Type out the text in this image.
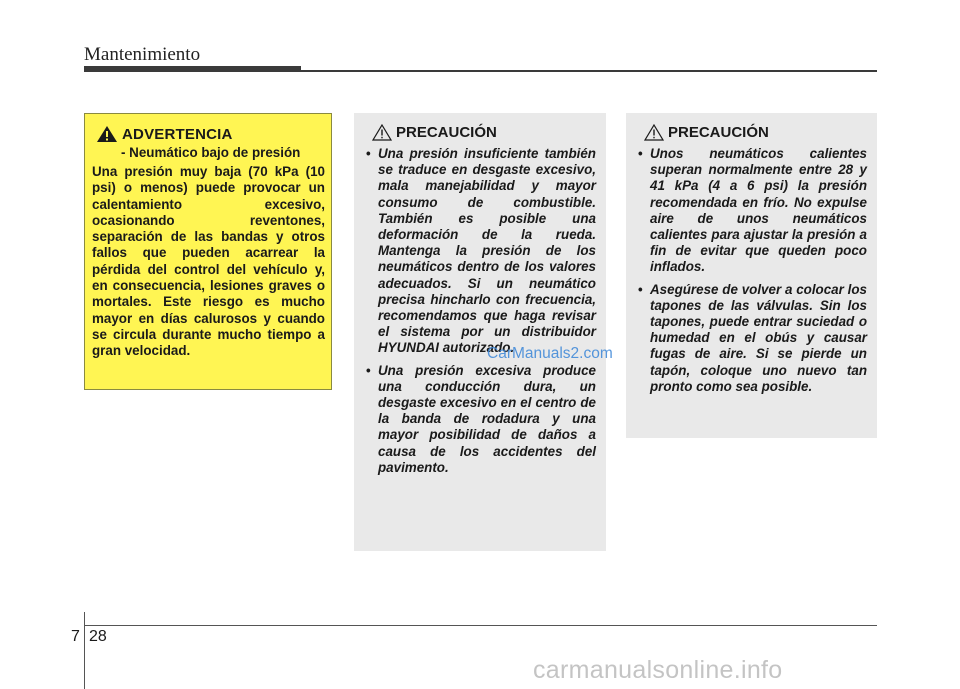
Mantenimiento
ADVERTENCIA
- Neumático bajo de presión
Una presión muy baja (70 kPa (10 psi) o menos) puede provocar un calentamiento excesivo, ocasionando reventones, separación de las bandas y otros fallos que pueden acarrear la pérdida del control del vehículo y, en consecuencia, lesiones graves o mortales. Este riesgo es mucho mayor en días calurosos y cuando se circula durante mucho tiempo a gran velocidad.
PRECAUCIÓN
• Una presión insuficiente también se traduce en desgaste excesivo, mala manejabilidad y mayor consumo de combustible. También es posible una deformación de la rueda. Mantenga la presión de los neumáticos dentro de los valores adecuados. Si un neumático precisa hincharlo con frecuencia, recomendamos que haga revisar el sistema por un distribuidor HYUNDAI autorizado.
• Una presión excesiva produce una conducción dura, un desgaste excesivo en el centro de la banda de rodadura y una mayor posibilidad de daños a causa de los accidentes del pavimento.
PRECAUCIÓN
• Unos neumáticos calientes superan normalmente entre 28 y 41 kPa (4 a 6 psi) la presión recomendada en frío. No expulse aire de unos neumáticos calientes para ajustar la presión a fin de evitar que queden poco inflados.
• Asegúrese de volver a colocar los tapones de las válvulas. Sin los tapones, puede entrar suciedad o humedad en el obús y causar fugas de aire. Si se pierde un tapón, coloque uno nuevo tan pronto como sea posible.
CarManuals2.com
7 28
carmanualsonline.info
